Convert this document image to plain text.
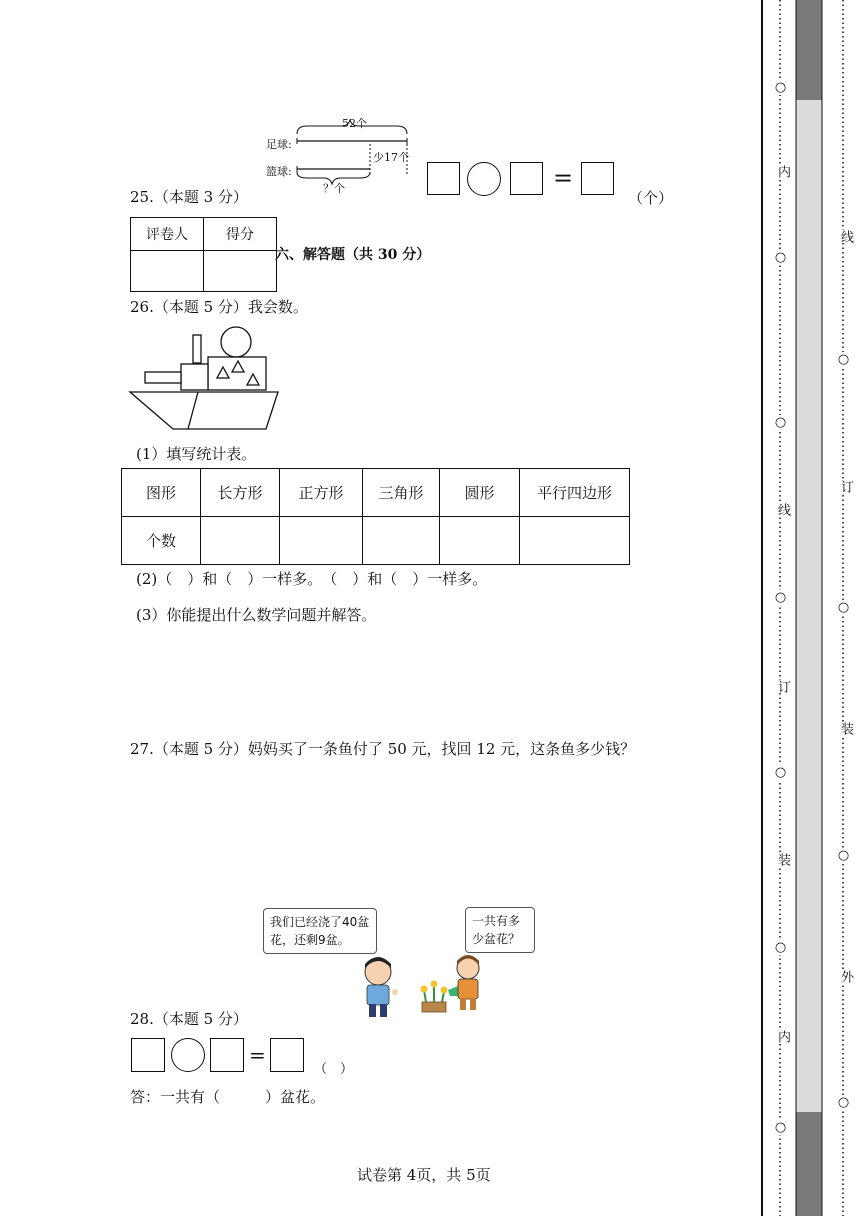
52个
足球:
篮球:
少17个
？个
25.（本题 3 分）
=
（个）
评卷人	得分

六、解答题（共 30 分）
26.（本题 5 分）我会数。
(1）填写统计表。
图形	长方形	正方形	三角形	圆形	平行四边形
个数					
(2)（　）和（　）一样多。　（　）和（　）一样多。
(3）你能提出什么数学问题并解答。
27.（本题 5 分）妈妈买了一条鱼付了 50 元，找回 12 元，这条鱼多少钱？
我们已经浇了40盆花，还剩9盆。
一共有多少盆花？
28.（本题 5 分）
=
（　）
答：一共有（　　　）盆花。
试卷第 4页，共 5页
○
内
○
○
线
○
订
○
装
○
内
○
线
○
订
○
装
○
外
○
